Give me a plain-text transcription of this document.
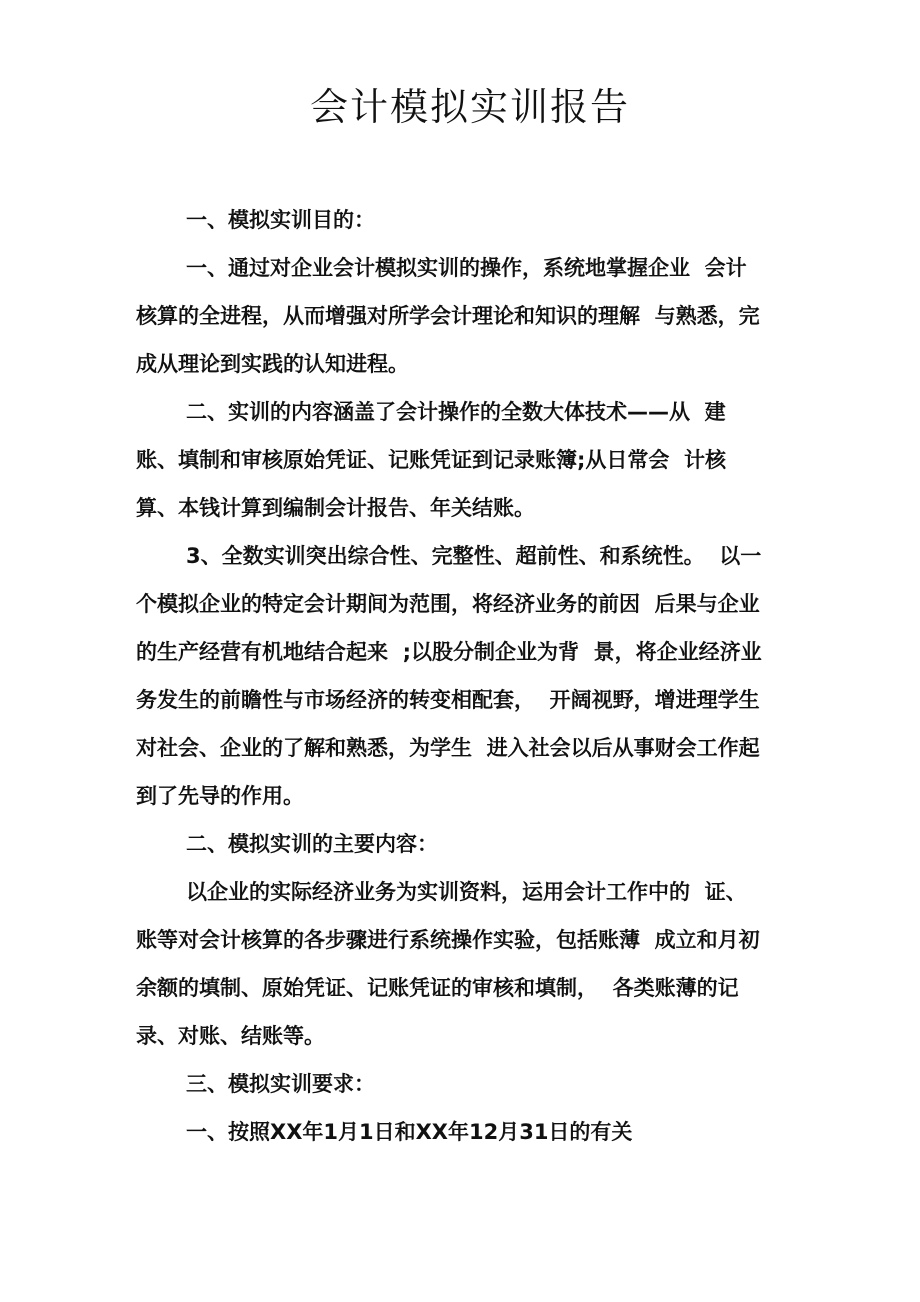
会计模拟实训报告

一、模拟实训目的：

一、通过对企业会计模拟实训的操作，系统地掌握企业  会计

核算的全进程，从而增强对所学会计理论和知识的理解  与熟悉，完

成从理论到实践的认知进程。

二、实训的内容涵盖了会计操作的全数大体技术——从  建

账、填制和审核原始凭证、记账凭证到记录账簿;从日常会  计核

算、本钱计算到编制会计报告、年关结账。

3、全数实训突出综合性、完整性、超前性、和系统性。  以一

个模拟企业的特定会计期间为范围，将经济业务的前因  后果与企业

的生产经营有机地结合起来  ;以股分制企业为背  景，将企业经济业

务发生的前瞻性与市场经济的转变相配套，  开阔视野，增进理学生

对社会、企业的了解和熟悉，为学生  进入社会以后从事财会工作起

到了先导的作用。

二、模拟实训的主要内容：

以企业的实际经济业务为实训资料，运用会计工作中的  证、

账等对会计核算的各步骤进行系统操作实验，包括账薄  成立和月初

余额的填制、原始凭证、记账凭证的审核和填制，  各类账薄的记

录、对账、结账等。

三、模拟实训要求：

一、按照XX年1月1日和XX年12月31日的有关
